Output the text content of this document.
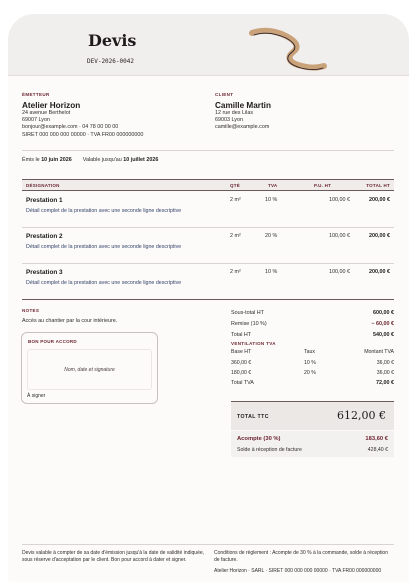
Devis
DEV-2026-0042
ÉMETTEUR
Atelier Horizon
24 avenue Berthelot
69007 Lyon
bonjour@example.com · 04 78 00 00 00
SIRET 000 000 000 00000 · TVA FR00 000000000
CLIENT
Camille Martin
12 rue des Lilas
69003 Lyon
camille@example.com
Émis le 10 juin 2026 Valable jusqu'au 10 juillet 2026
DÉSIGNATION	QTÉ	TVA	P.U. HT	TOTAL HT
Prestation 1
Détail complet de la prestation avec une seconde ligne descriptive
2 m²	10 %	100,00 €	200,00 €
Prestation 2
Détail complet de la prestation avec une seconde ligne descriptive
2 m²	20 %	100,00 €	200,00 €
Prestation 3
Détail complet de la prestation avec une seconde ligne descriptive
2 m²	10 %	100,00 €	200,00 €
NOTES
Accès au chantier par la cour intérieure.
BON POUR ACCORD
Nom, date et signature
À signer
Sous-total HT	600,00 €
Remise (10 %)	− 60,00 €
Total HT	540,00 €
VENTILATION TVA
Base HT	Taux	Montant TVA
360,00 €	10 %	36,00 €
180,00 €	20 %	36,00 €
Total TVA	72,00 €
TOTAL TTC	612,00 €
Acompte (30 %)	183,60 €
Solde à réception de facture	428,40 €
Devis valable à compter de sa date d'émission jusqu'à la date de validité indiquée, sous réserve d'acceptation par le client. Bon pour accord à dater et signer.
Conditions de règlement : Acompte de 30 % à la commande, solde à réception de facture.
Atelier Horizon · SARL · SIRET 000 000 000 00000 · TVA FR00 000000000
